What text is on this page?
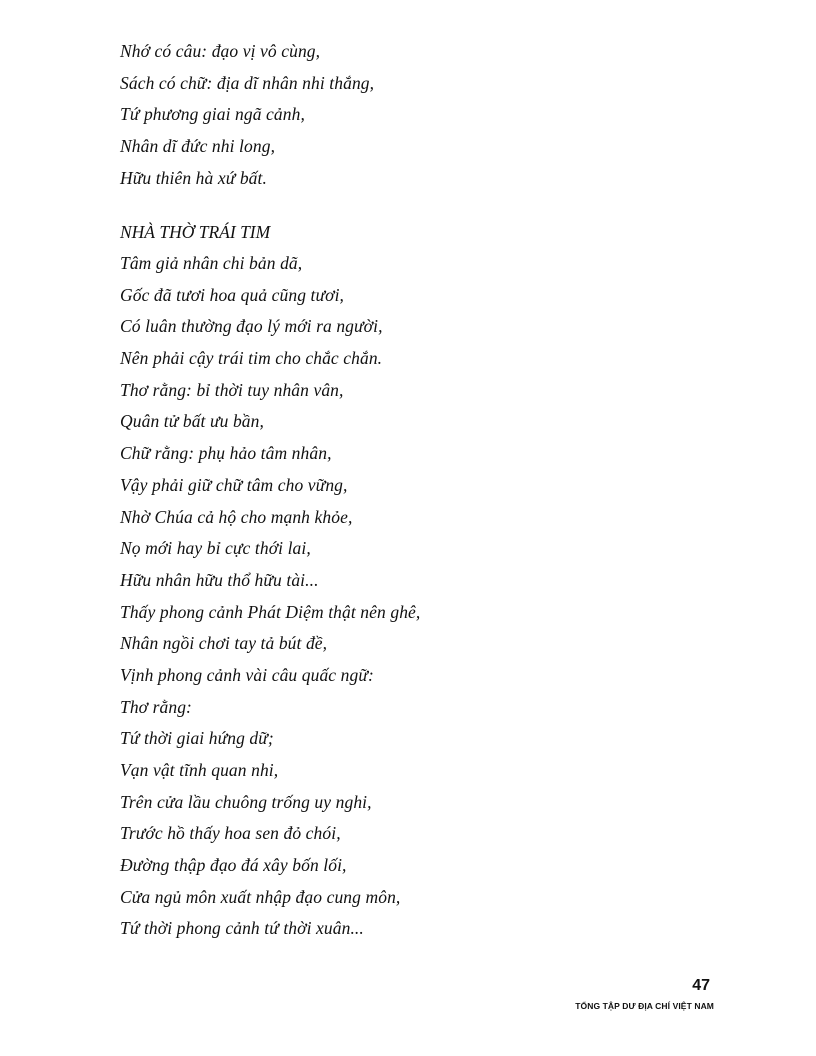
Nhớ có câu: đạo vị vô cùng,
Sách có chữ: địa dĩ nhân nhi thắng,
Tứ phương giai ngã cảnh,
Nhân dĩ đức nhi long,
Hữu thiên hà xứ bất.
NHÀ THỜ TRÁI TIM
Tâm giả nhân chi bản dã,
Gốc đã tươi hoa quả cũng tươi,
Có luân thường đạo lý mới ra người,
Nên phải cậy trái tim cho chắc chắn.
Thơ rằng: bỉ thời tuy nhân vân,
Quân tử bất ưu bần,
Chữ rằng: phụ hảo tâm nhân,
Vậy phải giữ chữ tâm cho vững,
Nhờ Chúa cả hộ cho mạnh khỏe,
Nọ mới hay bỉ cực thới lai,
Hữu nhân hữu thổ hữu tài...
Thấy phong cảnh Phát Diệm thật nên ghê,
Nhân ngồi chơi tay tả bút đề,
Vịnh phong cảnh vài câu quấc ngữ:
Thơ rằng:
Tứ thời giai hứng dữ;
Vạn vật tĩnh quan nhi,
Trên cửa lầu chuông trống uy nghi,
Trước hồ thấy hoa sen đỏ chói,
Đường thập đạo đá xây bốn lối,
Cửa ngủ môn xuất nhập đạo cung môn,
Tứ thời phong cảnh tứ thời xuân...
47
TỔNG TẬP DƯ ĐỊA CHÍ VIỆT NAM
